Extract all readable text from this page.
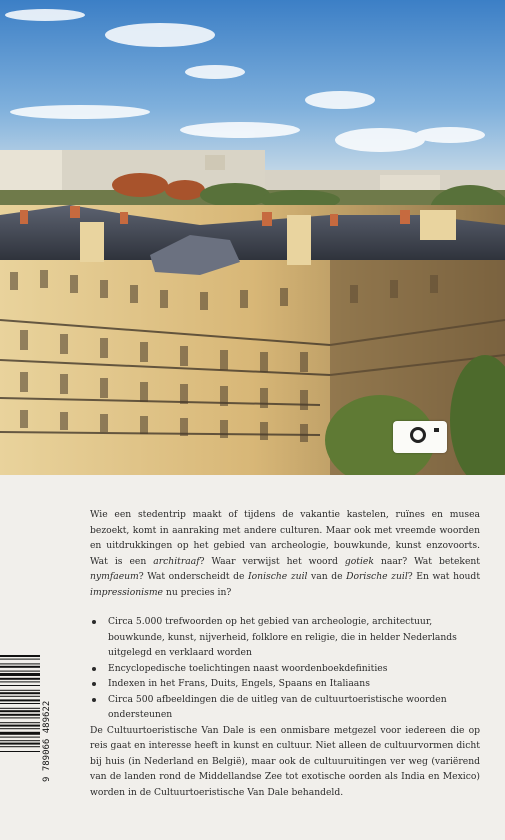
Wie een stedentrip maakt of tijdens de vakantie kastelen, ruïnes en musea bezoekt, komt in aanraking met andere culturen. Maar ook met vreemde woorden en uitdrukkingen op het gebied van archeologie, bouwkunde, kunst enzovoorts. Wat is een architraaf? Waar verwijst het woord gotiek naar? Wat betekent nymfaeum? Wat onderscheidt de Ionische zuil van de Dorische zuil? En wat houdt impressionisme nu precies in?

Circa 5.000 trefwoorden op het gebied van archeologie, architectuur, bouwkunde, kunst, nijverheid, folklore en religie, die in helder Nederlands uitgelegd en verklaard worden
Encyclopedische toelichtingen naast woordenboekdefinities
Indexen in het Frans, Duits, Engels, Spaans en Italiaans
Circa 500 afbeeldingen die de uitleg van de cultuurtoeristische woorden ondersteunen

De Cultuurtoeristische Van Dale is een onmisbare metgezel voor iedereen die op reis gaat en interesse heeft in kunst en cultuur. Niet alleen de cultuurvormen dicht bij huis (in Nederland en België), maar ook de cultuuruitingen ver weg (variërend van de landen rond de Middellandse Zee tot exotische oorden als India en Mexico) worden in de Cultuurtoeristische Van Dale behandeld.

9 789066 489622
